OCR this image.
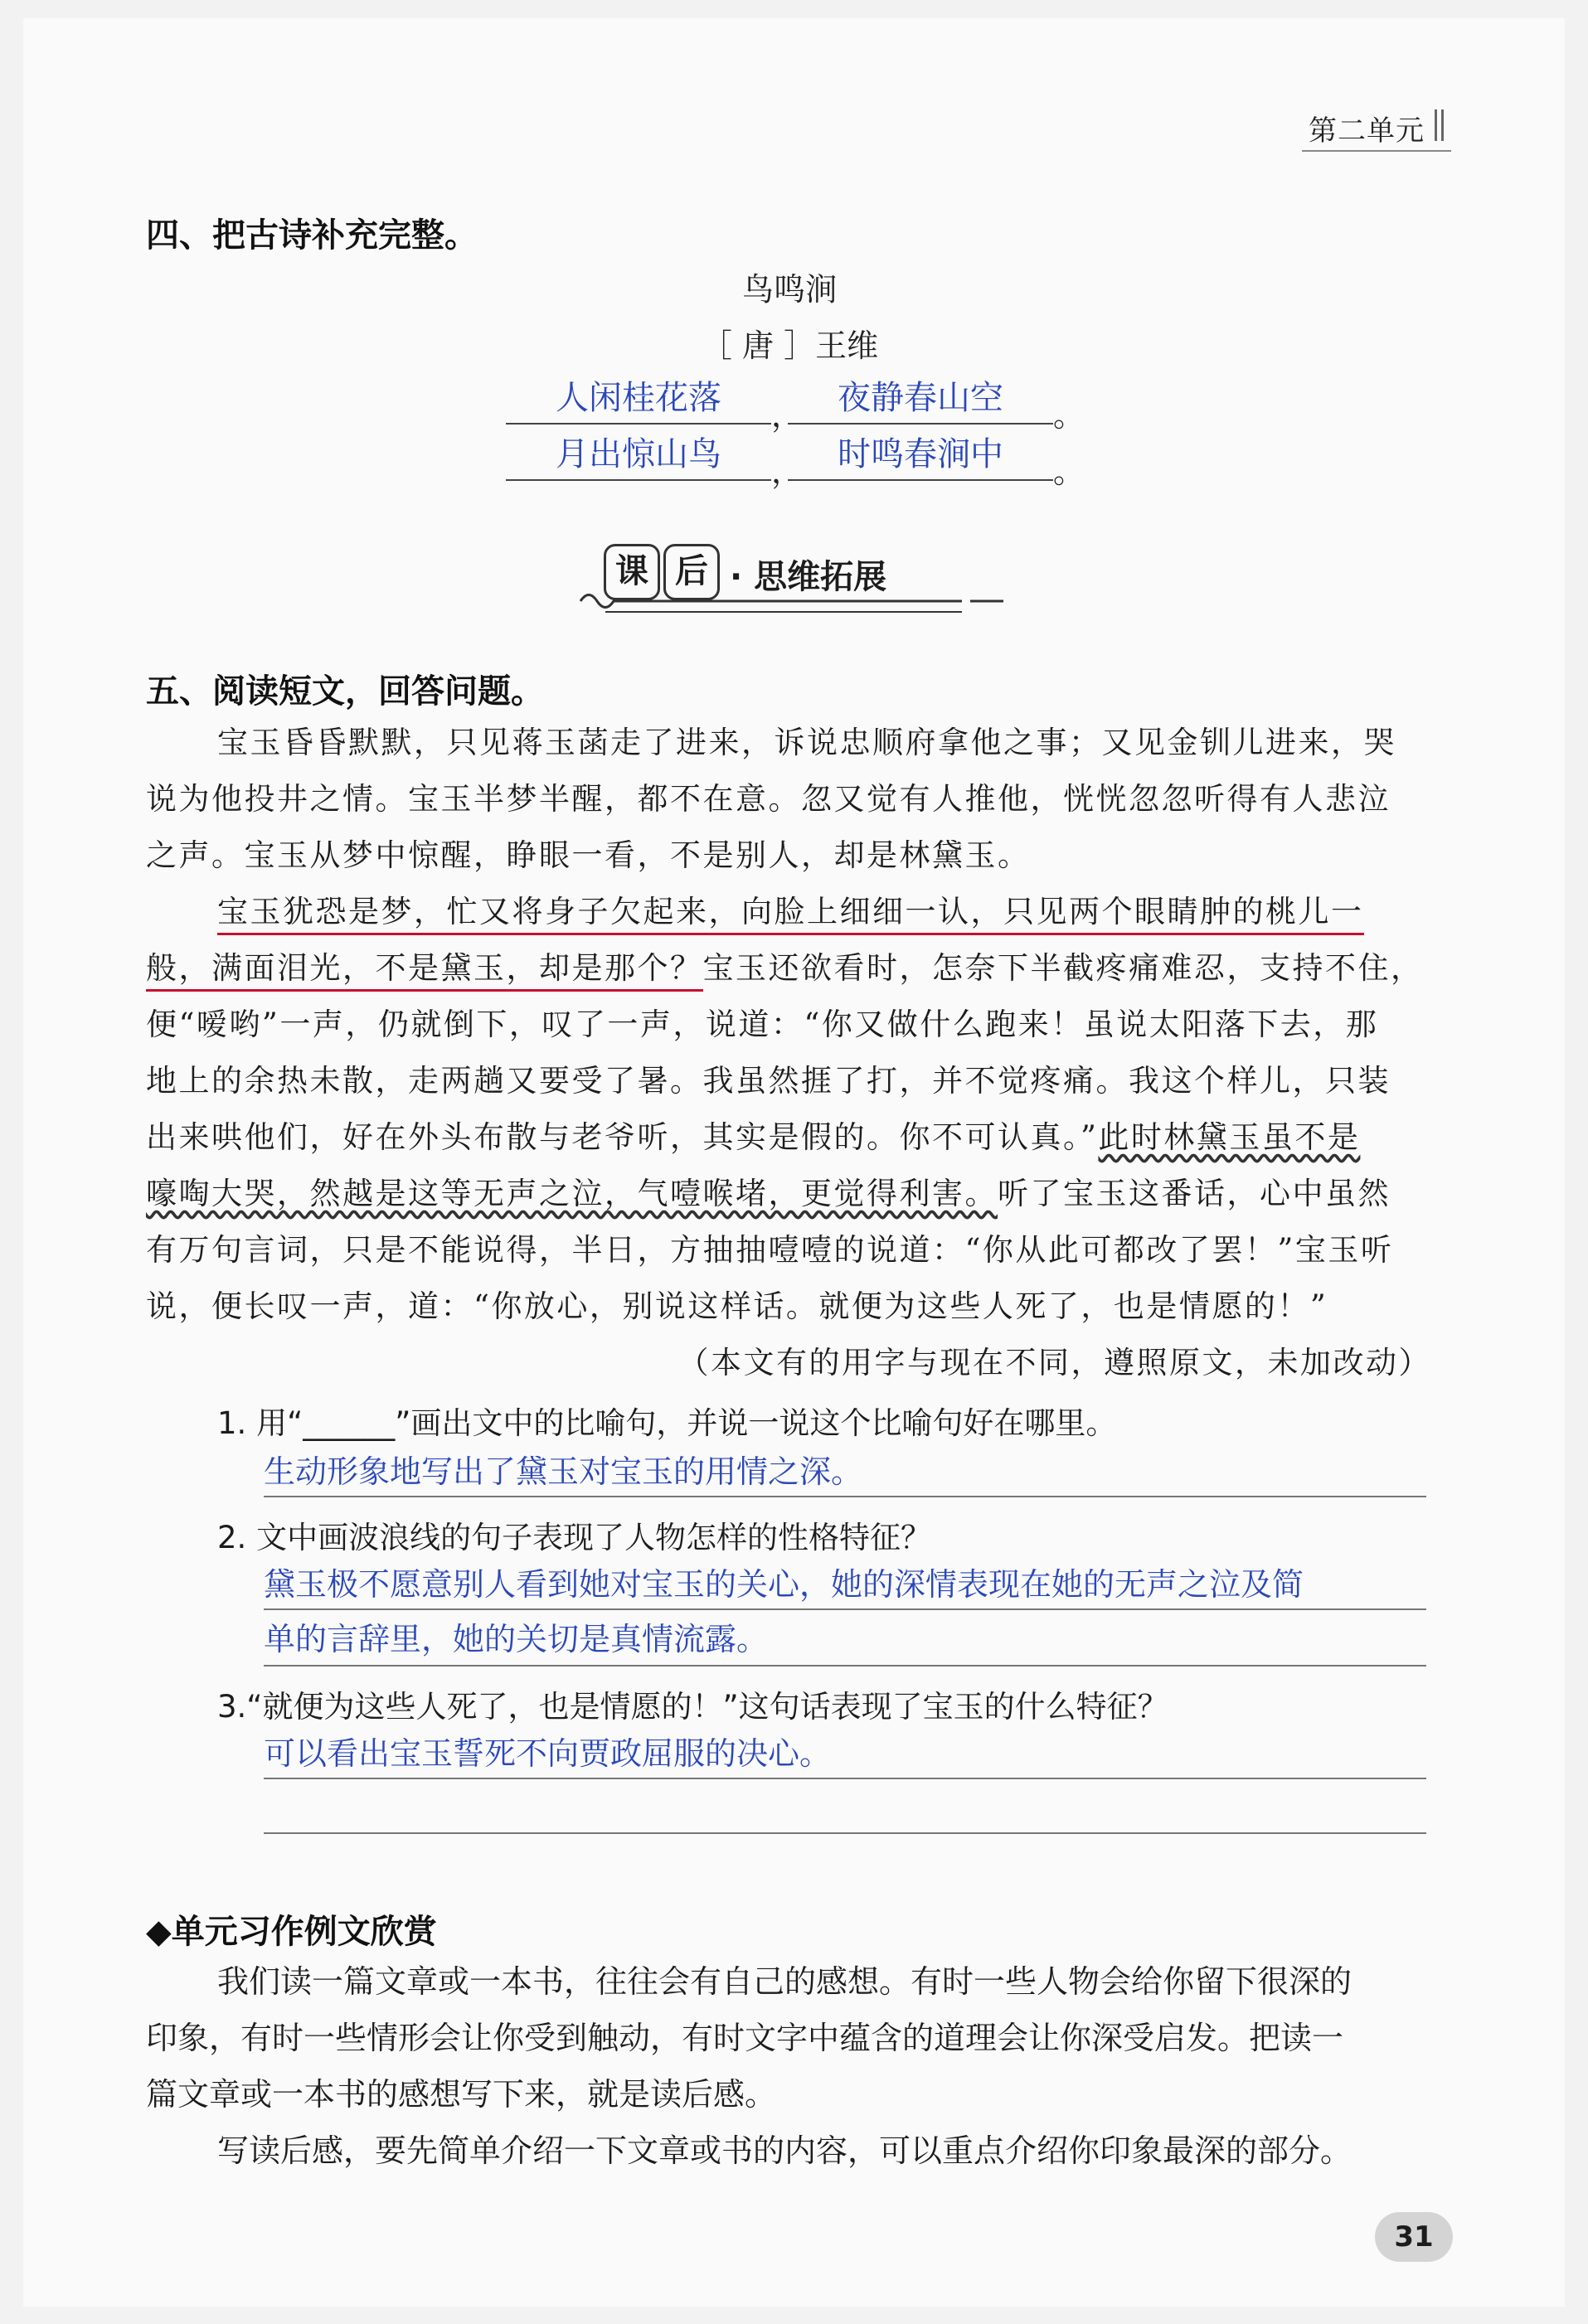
第二单元
四、把古诗补充完整。
鸟鸣涧
［ 唐 ］王维
人闲桂花落	，	夜静春山空	。
月出惊山鸟	，	时鸣春涧中	。
课 后 · 思维拓展
五、阅读短文，回答问题。
宝玉昏昏默默，只见蒋玉菡走了进来，诉说忠顺府拿他之事；又见金钏儿进来，哭
说为他投井之情。宝玉半梦半醒，都不在意。忽又觉有人推他，恍恍忽忽听得有人悲泣
之声。宝玉从梦中惊醒，睁眼一看，不是别人，却是林黛玉。
宝玉犹恐是梦，忙又将身子欠起来，向脸上细细一认，只见两个眼睛肿的桃儿一
般，满面泪光，不是黛玉，却是那个？宝玉还欲看时，怎奈下半截疼痛难忍，支持不住，
便“嗳哟”一声，仍就倒下，叹了一声，说道：“你又做什么跑来！虽说太阳落下去，那
地上的余热未散，走两趟又要受了暑。我虽然捱了打，并不觉疼痛。我这个样儿，只装
出来哄他们，好在外头布散与老爷听，其实是假的。你不可认真。”此时林黛玉虽不是
嚎啕大哭，然越是这等无声之泣，气噎喉堵，更觉得利害。听了宝玉这番话，心中虽然
有万句言词，只是不能说得，半日，方抽抽噎噎的说道：“你从此可都改了罢！”宝玉听
说，便长叹一声，道：“你放心，别说这样话。就便为这些人死了，也是情愿的！”
（本文有的用字与现在不同，遵照原文，未加改动）
1. 用“______”画出文中的比喻句，并说一说这个比喻句好在哪里。
生动形象地写出了黛玉对宝玉的用情之深。
2. 文中画波浪线的句子表现了人物怎样的性格特征？
黛玉极不愿意别人看到她对宝玉的关心，她的深情表现在她的无声之泣及简
单的言辞里，她的关切是真情流露。
3.“就便为这些人死了，也是情愿的！”这句话表现了宝玉的什么特征？
可以看出宝玉誓死不向贾政屈服的决心。
◆单元习作例文欣赏
我们读一篇文章或一本书，往往会有自己的感想。有时一些人物会给你留下很深的
印象，有时一些情形会让你受到触动，有时文字中蕴含的道理会让你深受启发。把读一
篇文章或一本书的感想写下来，就是读后感。
写读后感，要先简单介绍一下文章或书的内容，可以重点介绍你印象最深的部分。
31
